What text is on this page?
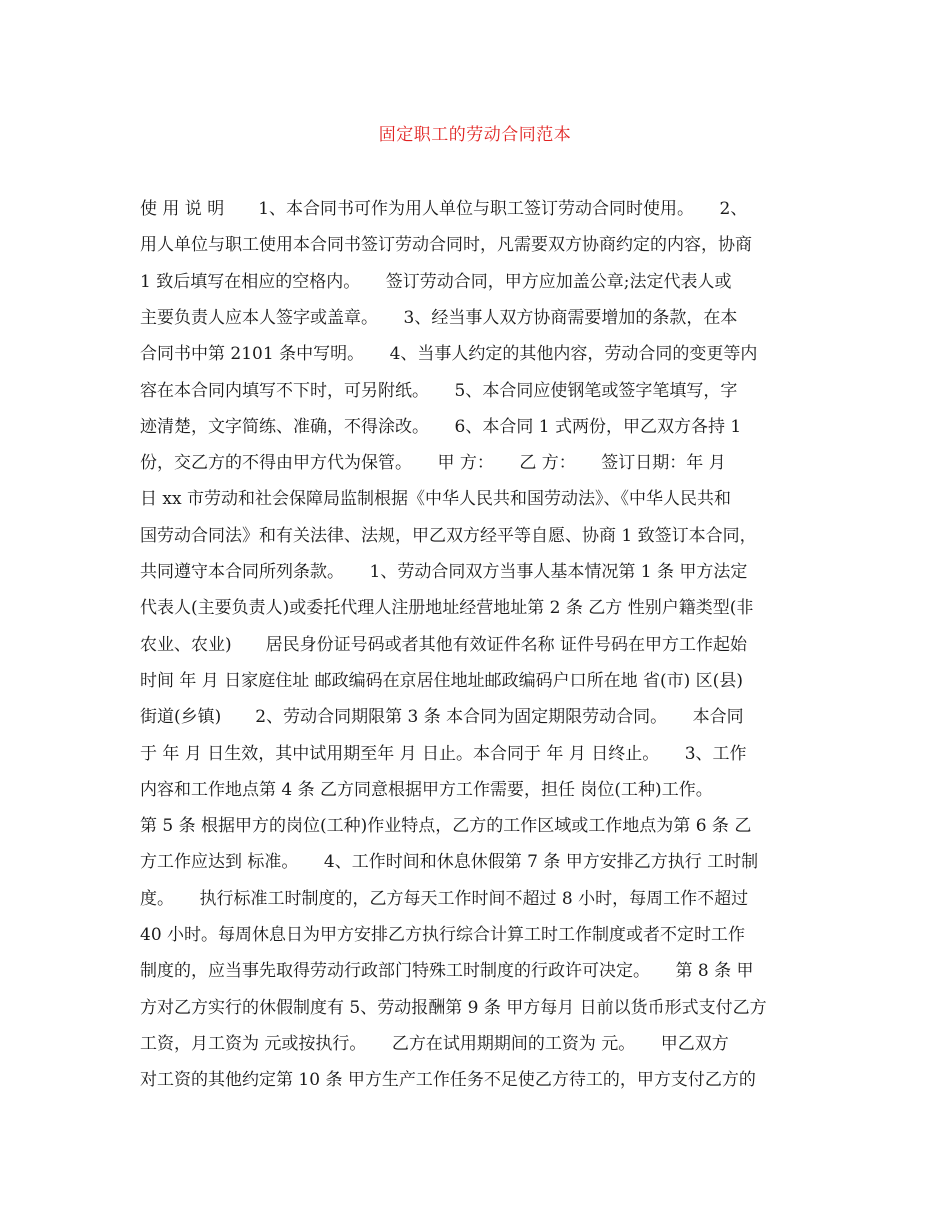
固定职工的劳动合同范本
使 用 说 明　　1、本合同书可作为用人单位与职工签订劳动合同时使用。　　2、
用人单位与职工使用本合同书签订劳动合同时，凡需要双方协商约定的内容，协商
1 致后填写在相应的空格内。　　签订劳动合同，甲方应加盖公章;法定代表人或
主要负责人应本人签字或盖章。　　3、经当事人双方协商需要增加的条款，在本
合同书中第 2101 条中写明。　　4、当事人约定的其他内容，劳动合同的变更等内
容在本合同内填写不下时，可另附纸。　　5、本合同应使钢笔或签字笔填写，字
迹清楚，文字简练、准确，不得涂改。　　6、本合同 1 式两份，甲乙双方各持 1
份，交乙方的不得由甲方代为保管。　　甲 方：　　乙 方：　　签订日期：年 月
日 xx 市劳动和社会保障局监制根据《中华人民共和国劳动法》、《中华人民共和
国劳动合同法》和有关法律、法规，甲乙双方经平等自愿、协商 1 致签订本合同，
共同遵守本合同所列条款。　　1、劳动合同双方当事人基本情况第 1 条 甲方法定
代表人(主要负责人)或委托代理人注册地址经营地址第 2 条 乙方 性别户籍类型(非
农业、农业)　　居民身份证号码或者其他有效证件名称 证件号码在甲方工作起始
时间 年 月 日家庭住址 邮政编码在京居住地址邮政编码户口所在地 省(市) 区(县)
街道(乡镇)　　2、劳动合同期限第 3 条 本合同为固定期限劳动合同。　　本合同
于 年 月 日生效，其中试用期至年 月 日止。本合同于 年 月 日终止。　　3、工作
内容和工作地点第 4 条 乙方同意根据甲方工作需要，担任 岗位(工种)工作。
第 5 条 根据甲方的岗位(工种)作业特点，乙方的工作区域或工作地点为第 6 条 乙
方工作应达到 标准。　　4、工作时间和休息休假第 7 条 甲方安排乙方执行 工时制
度。　　执行标准工时制度的，乙方每天工作时间不超过 8 小时，每周工作不超过
40 小时。每周休息日为甲方安排乙方执行综合计算工时工作制度或者不定时工作
制度的，应当事先取得劳动行政部门特殊工时制度的行政许可决定。　　第 8 条 甲
方对乙方实行的休假制度有 5、劳动报酬第 9 条 甲方每月 日前以货币形式支付乙方
工资，月工资为 元或按执行。　　乙方在试用期期间的工资为 元。　　甲乙双方
对工资的其他约定第 10 条 甲方生产工作任务不足使乙方待工的，甲方支付乙方的
